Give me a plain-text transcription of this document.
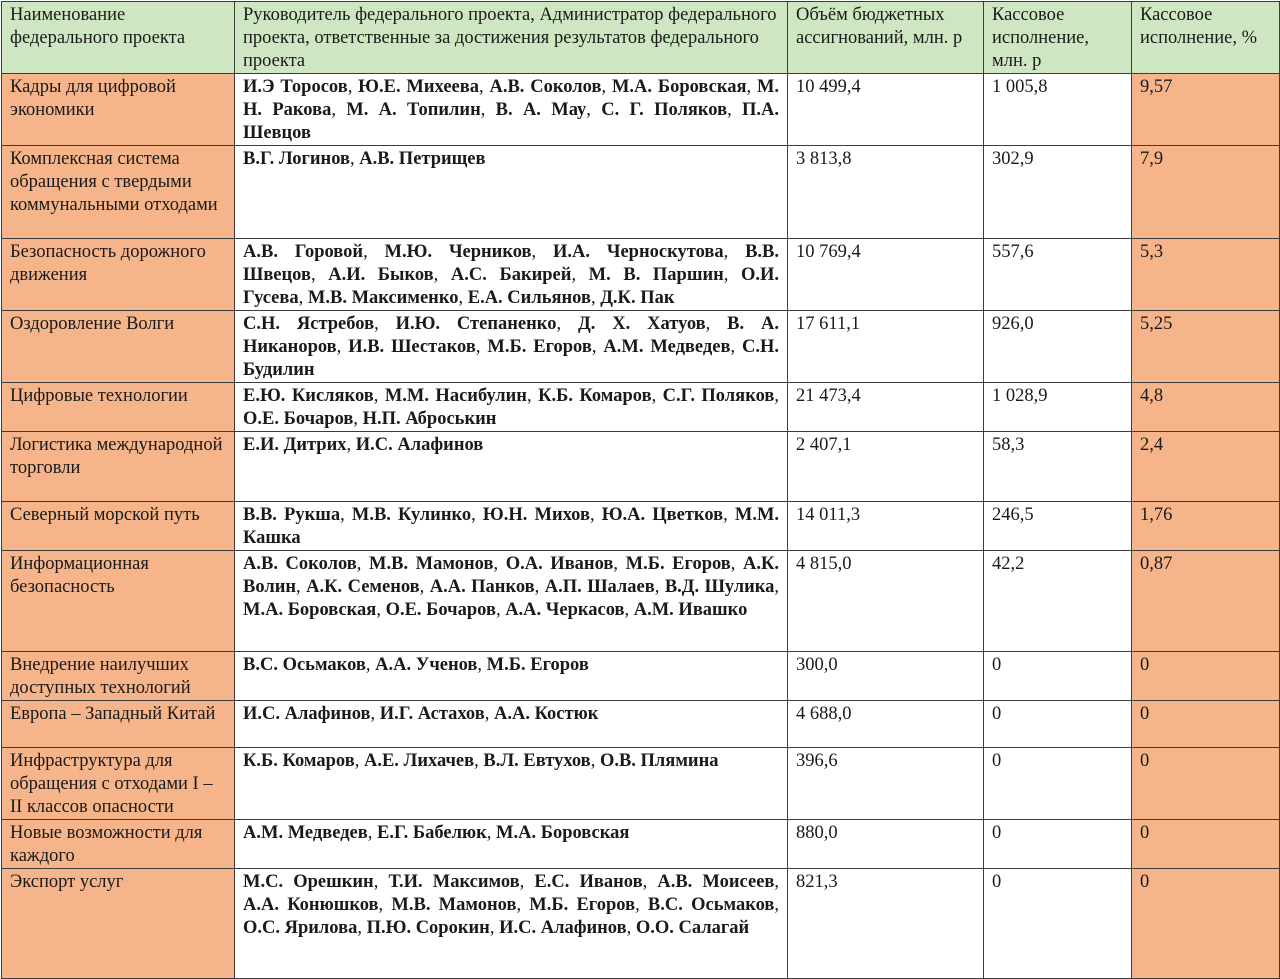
Наименование федерального проекта	Руководитель федерального проекта, Администратор федерального проекта, ответственные за достижения результатов федерального проекта	Объём бюджетных ассигнований, млн. р	Кассовое исполнение, млн. р	Кассовое исполнение, %
Кадры для цифровой экономики	И.Э Торосов, Ю.Е. Михеева, А.В. Соколов, М.А. Боровская, М. Н. Ракова, М. А. Топилин, В. А. Мау, С. Г. Поляков, П.А. Шевцов	10 499,4	1 005,8	9,57
Комплексная система обращения с твердыми коммунальными отходами	В.Г. Логинов, А.В. Петрищев	3 813,8	302,9	7,9
Безопасность дорожного движения	А.В. Горовой, М.Ю. Черников, И.А. Черноскутова, В.В. Швецов, А.И. Быков, А.С. Бакирей, М. В. Паршин, О.И. Гусева, М.В. Максименко, Е.А. Сильянов, Д.К. Пак	10 769,4	557,6	5,3
Оздоровление Волги	С.Н. Ястребов, И.Ю. Степаненко, Д. Х. Хатуов, В. А. Никаноров, И.В. Шестаков, М.Б. Егоров, А.М. Медведев, С.Н. Будилин	17 611,1	926,0	5,25
Цифровые технологии	Е.Ю. Кисляков, М.М. Насибулин, К.Б. Комаров, С.Г. Поляков, О.Е. Бочаров, Н.П. Аброськин	21 473,4	1 028,9	4,8
Логистика международной торговли	Е.И. Дитрих, И.С. Алафинов	2 407,1	58,3	2,4
Северный морской путь	В.В. Рукша, М.В. Кулинко, Ю.Н. Михов, Ю.А. Цветков, М.М. Кашка	14 011,3	246,5	1,76
Информационная безопасность	А.В. Соколов, М.В. Мамонов, О.А. Иванов, М.Б. Егоров, А.К. Волин, А.К. Семенов, А.А. Панков, А.П. Шалаев, В.Д. Шулика, М.А. Боровская, О.Е. Бочаров, А.А. Черкасов, А.М. Ивашко	4 815,0	42,2	0,87
Внедрение наилучших доступных технологий	В.С. Осьмаков, А.А. Ученов, М.Б. Егоров	300,0	0	0
Европа – Западный Китай	И.С. Алафинов, И.Г. Астахов, А.А. Костюк	4 688,0	0	0
Инфраструктура для обращения с отходами I – II классов опасности	К.Б. Комаров, А.Е. Лихачев, В.Л. Евтухов, О.В. Плямина	396,6	0	0
Новые возможности для каждого	А.М. Медведев, Е.Г. Бабелюк, М.А. Боровская	880,0	0	0
Экспорт услуг	М.С. Орешкин, Т.И. Максимов, Е.С. Иванов, А.В. Моисеев, А.А. Конюшков, М.В. Мамонов, М.Б. Егоров, В.С. Осьмаков, О.С. Ярилова, П.Ю. Сорокин, И.С. Алафинов, О.О. Салагай	821,3	0	0
